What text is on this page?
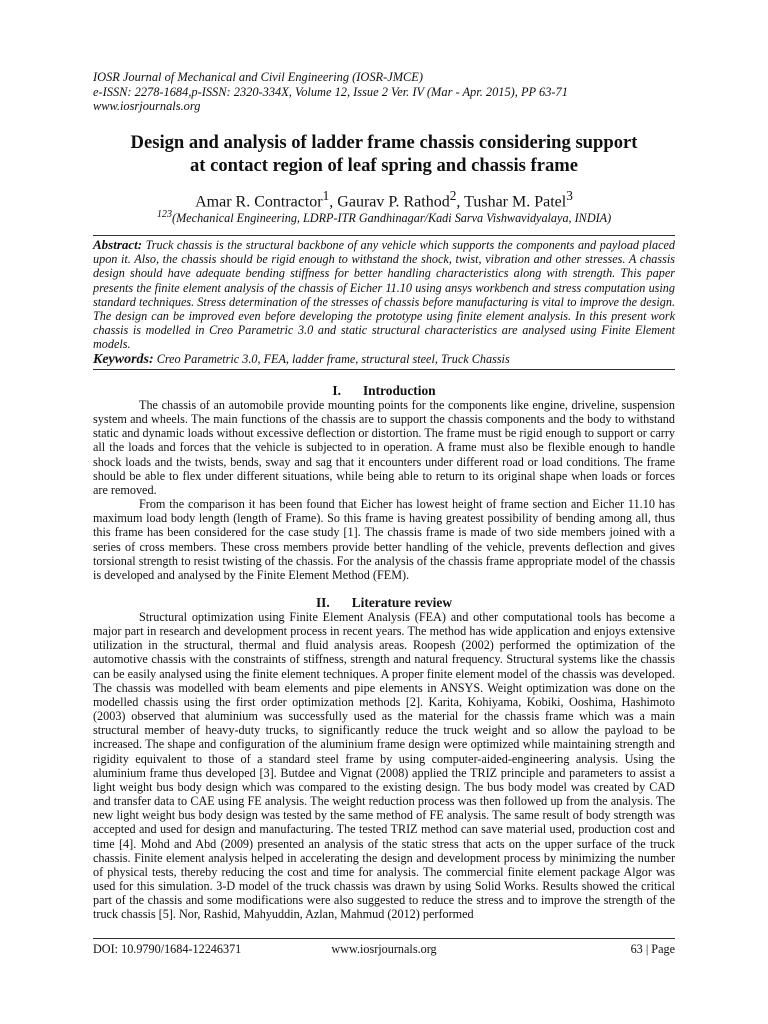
IOSR Journal of Mechanical and Civil Engineering (IOSR-JMCE)
e-ISSN: 2278-1684,p-ISSN: 2320-334X, Volume 12, Issue 2 Ver. IV (Mar - Apr. 2015), PP 63-71
www.iosrjournals.org
Design and analysis of ladder frame chassis considering support
at contact region of leaf spring and chassis frame
Amar R. Contractor$^1$, Gaurav P. Rathod$^2$, Tushar M. Patel$^3$
$^{123}$(Mechanical Engineering, LDRP-ITR Gandhinagar/Kadi Sarva Vishwavidyalaya, INDIA)
Abstract: Truck chassis is the structural backbone of any vehicle which supports the components and payload placed upon it. Also, the chassis should be rigid enough to withstand the shock, twist, vibration and other stresses. A chassis design should have adequate bending stiffness for better handling characteristics along with strength. This paper presents the finite element analysis of the chassis of Eicher 11.10 using ansys workbench and stress computation using standard techniques. Stress determination of the stresses of chassis before manufacturing is vital to improve the design. The design can be improved even before developing the prototype using finite element analysis. In this present work chassis is modelled in Creo Parametric 3.0 and static structural characteristics are analysed using Finite Element models.
Keywords: Creo Parametric 3.0, FEA, ladder frame, structural steel, Truck Chassis
I. Introduction

The chassis of an automobile provide mounting points for the components like engine, driveline, suspension system and wheels. The main functions of the chassis are to support the chassis components and the body to withstand static and dynamic loads without excessive deflection or distortion. The frame must be rigid enough to support or carry all the loads and forces that the vehicle is subjected to in operation. A frame must also be flexible enough to handle shock loads and the twists, bends, sway and sag that it encounters under different road or load conditions. The frame should be able to flex under different situations, while being able to return to its original shape when loads or forces are removed.

From the comparison it has been found that Eicher has lowest height of frame section and Eicher 11.10 has maximum load body length (length of Frame). So this frame is having greatest possibility of bending among all, thus this frame has been considered for the case study [1]. The chassis frame is made of two side members joined with a series of cross members. These cross members provide better handling of the vehicle, prevents deflection and gives torsional strength to resist twisting of the chassis. For the analysis of the chassis frame appropriate model of the chassis is developed and analysed by the Finite Element Method (FEM).

II. Literature review

Structural optimization using Finite Element Analysis (FEA) and other computational tools has become a major part in research and development process in recent years. The method has wide application and enjoys extensive utilization in the structural, thermal and fluid analysis areas. Roopesh (2002) performed the optimization of the automotive chassis with the constraints of stiffness, strength and natural frequency. Structural systems like the chassis can be easily analysed using the finite element techniques. A proper finite element model of the chassis was developed. The chassis was modelled with beam elements and pipe elements in ANSYS. Weight optimization was done on the modelled chassis using the first order optimization methods [2]. Karita, Kohiyama, Kobiki, Ooshima, Hashimoto (2003) observed that aluminium was successfully used as the material for the chassis frame which was a main structural member of heavy-duty trucks, to significantly reduce the truck weight and so allow the payload to be increased. The shape and configuration of the aluminium frame design were optimized while maintaining strength and rigidity equivalent to those of a standard steel frame by using computer-aided-engineering analysis. Using the aluminium frame thus developed [3]. Butdee and Vignat (2008) applied the TRIZ principle and parameters to assist a light weight bus body design which was compared to the existing design. The bus body model was created by CAD and transfer data to CAE using FE analysis. The weight reduction process was then followed up from the analysis. The new light weight bus body design was tested by the same method of FE analysis. The same result of body strength was accepted and used for design and manufacturing. The tested TRIZ method can save material used, production cost and time [4]. Mohd and Abd (2009) presented an analysis of the static stress that acts on the upper surface of the truck chassis. Finite element analysis helped in accelerating the design and development process by minimizing the number of physical tests, thereby reducing the cost and time for analysis. The commercial finite element package Algor was used for this simulation. 3-D model of the truck chassis was drawn by using Solid Works. Results showed the critical part of the chassis and some modifications were also suggested to reduce the stress and to improve the strength of the truck chassis [5]. Nor, Rashid, Mahyuddin, Azlan, Mahmud (2012) performed

DOI: 10.9790/1684-12246371	www.iosrjournals.org	63 | Page
